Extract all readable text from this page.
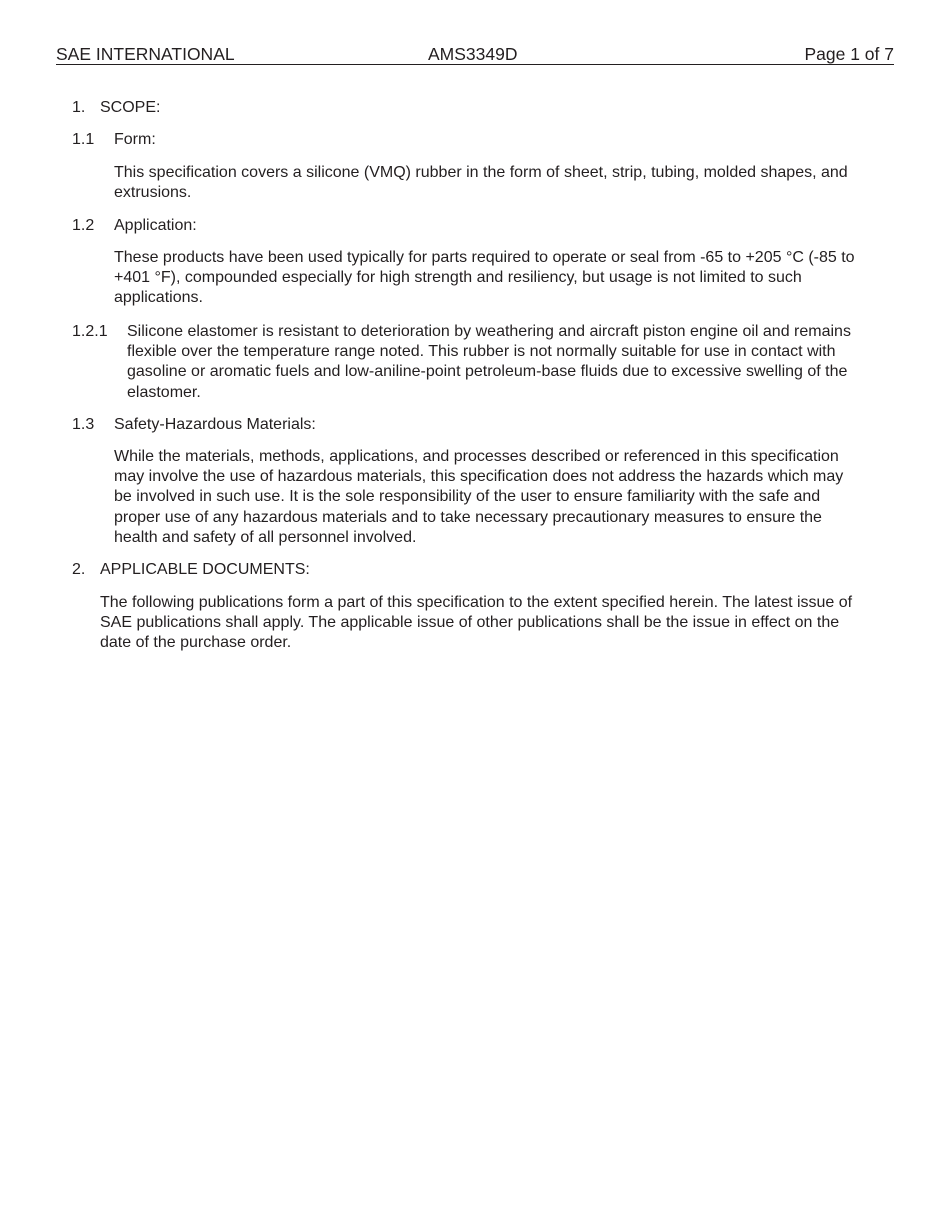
SAE INTERNATIONAL	AMS3349D	Page 1 of 7
1. SCOPE:
1.1 Form:
This specification covers a silicone (VMQ) rubber in the form of sheet, strip, tubing, molded shapes, and extrusions.
1.2 Application:
These products have been used typically for parts required to operate or seal from -65 to +205 °C (-85 to +401 °F), compounded especially for high strength and resiliency, but usage is not limited to such applications.
1.2.1 Silicone elastomer is resistant to deterioration by weathering and aircraft piston engine oil and remains flexible over the temperature range noted. This rubber is not normally suitable for use in contact with gasoline or aromatic fuels and low-aniline-point petroleum-base fluids due to excessive swelling of the elastomer.
1.3 Safety-Hazardous Materials:
While the materials, methods, applications, and processes described or referenced in this specification may involve the use of hazardous materials, this specification does not address the hazards which may be involved in such use. It is the sole responsibility of the user to ensure familiarity with the safe and proper use of any hazardous materials and to take necessary precautionary measures to ensure the health and safety of all personnel involved.
2. APPLICABLE DOCUMENTS:
The following publications form a part of this specification to the extent specified herein. The latest issue of SAE publications shall apply. The applicable issue of other publications shall be the issue in effect on the date of the purchase order.
